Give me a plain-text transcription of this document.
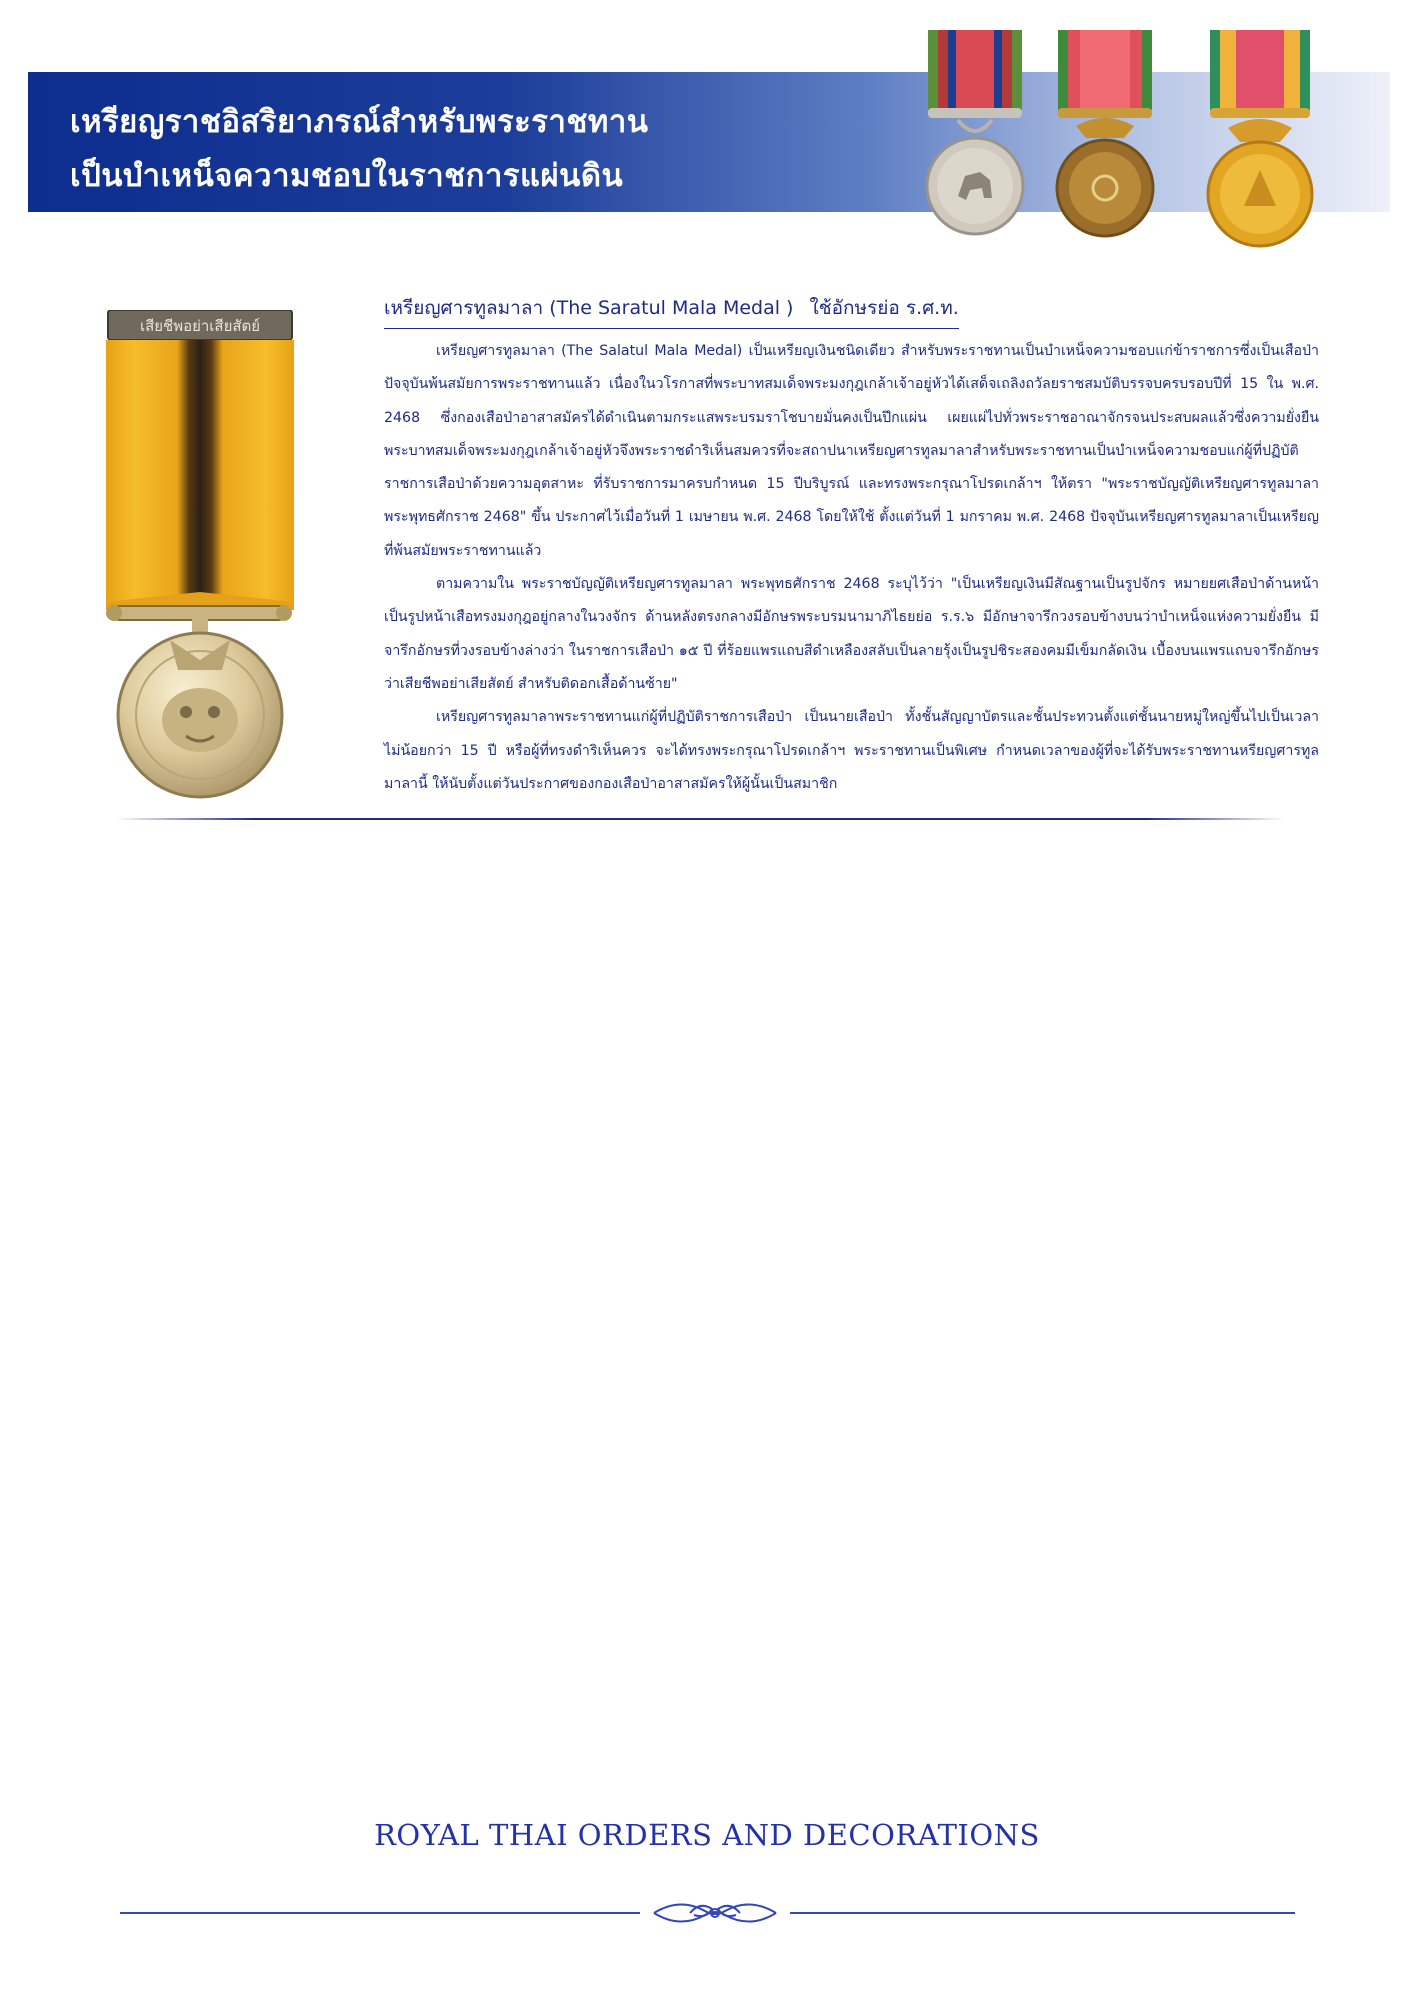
เหรียญราชอิสริยาภรณ์สำหรับพระราชทาน
เป็นบำเหน็จความชอบในราชการแผ่นดิน
เสียชีพอย่าเสียสัตย์
เหรียญศารทูลมาลา (The Saratul Mala Medal ) ใช้อักษรย่อ ร.ศ.ท.

เหรียญศารทูลมาลา (The Salatul Mala Medal) เป็นเหรียญเงินชนิดเดียว สำหรับพระราชทานเป็นบำเหน็จความชอบแก่ข้าราชการซึ่งเป็นเสือป่า ปัจจุบันพ้นสมัยการพระราชทานแล้ว เนื่องในวโรกาสที่พระบาทสมเด็จพระมงกุฎเกล้าเจ้าอยู่หัวได้เสด็จเถลิงถวัลยราชสมบัติบรรจบครบรอบปีที่ 15 ใน พ.ศ. 2468 ซึ่งกองเสือป่าอาสาสมัครได้ดำเนินตามกระแสพระบรมราโชบายมั่นคงเป็นปึกแผ่น เผยแผ่ไปทั่วพระราชอาณาจักรจนประสบผลแล้วซึ่งความยั่งยืน พระบาทสมเด็จพระมงกุฎเกล้าเจ้าอยู่หัวจึงพระราชดำริเห็นสมควรที่จะสถาปนาเหรียญศารทูลมาลาสำหรับพระราชทานเป็นบำเหน็จความชอบแก่ผู้ที่ปฏิบัติราชการเสือป่าด้วยความอุตสาหะ ที่รับราชการมาครบกำหนด 15 ปีบริบูรณ์ และทรงพระกรุณาโปรดเกล้าฯ ให้ตรา "พระราชบัญญัติเหรียญศารทูลมาลา พระพุทธศักราช 2468" ขึ้น ประกาศไว้เมื่อวันที่ 1 เมษายน พ.ศ. 2468 โดยให้ใช้ ตั้งแต่วันที่ 1 มกราคม พ.ศ. 2468 ปัจจุบันเหรียญศารทูลมาลาเป็นเหรียญที่พ้นสมัยพระราชทานแล้ว

ตามความใน พระราชบัญญัติเหรียญศารทูลมาลา พระพุทธศักราช 2468 ระบุไว้ว่า "เป็นเหรียญเงินมีสัณฐานเป็นรูปจักร หมายยศเสือป่าด้านหน้าเป็นรูปหน้าเสือทรงมงกุฎอยู่กลางในวงจักร ด้านหลังตรงกลางมีอักษรพระบรมนามาภิไธยย่อ ร.ร.๖ มีอักษาจารึกวงรอบข้างบนว่าบำเหน็จแห่งความยั่งยืน มีจารึกอักษรที่วงรอบข้างล่างว่า ในราชการเสือป่า ๑๕ ปี ที่ร้อยแพรแถบสีดำเหลืองสลับเป็นลายรุ้งเป็นรูปชิระสองคมมีเข็มกลัดเงิน เบื้องบนแพรแถบจารึกอักษรว่าเสียชีพอย่าเสียสัตย์ สำหรับติดอกเสื้อด้านซ้าย"

เหรียญศารทูลมาลาพระราชทานแก่ผู้ที่ปฏิบัติราชการเสือป่า เป็นนายเสือป่า ทั้งชั้นสัญญาบัตรและชั้นประทวนตั้งแต่ชั้นนายหมู่ใหญ่ขึ้นไปเป็นเวลาไม่น้อยกว่า 15 ปี หรือผู้ที่ทรงดำริเห็นควร จะได้ทรงพระกรุณาโปรดเกล้าฯ พระราชทานเป็นพิเศษ กำหนดเวลาของผู้ที่จะได้รับพระราชทานหรียญศารทูลมาลานี้ ให้นับตั้งแต่วันประกาศของกองเสือป่าอาสาสมัครให้ผู้นั้นเป็นสมาชิก

ROYAL THAI ORDERS AND DECORATIONS
